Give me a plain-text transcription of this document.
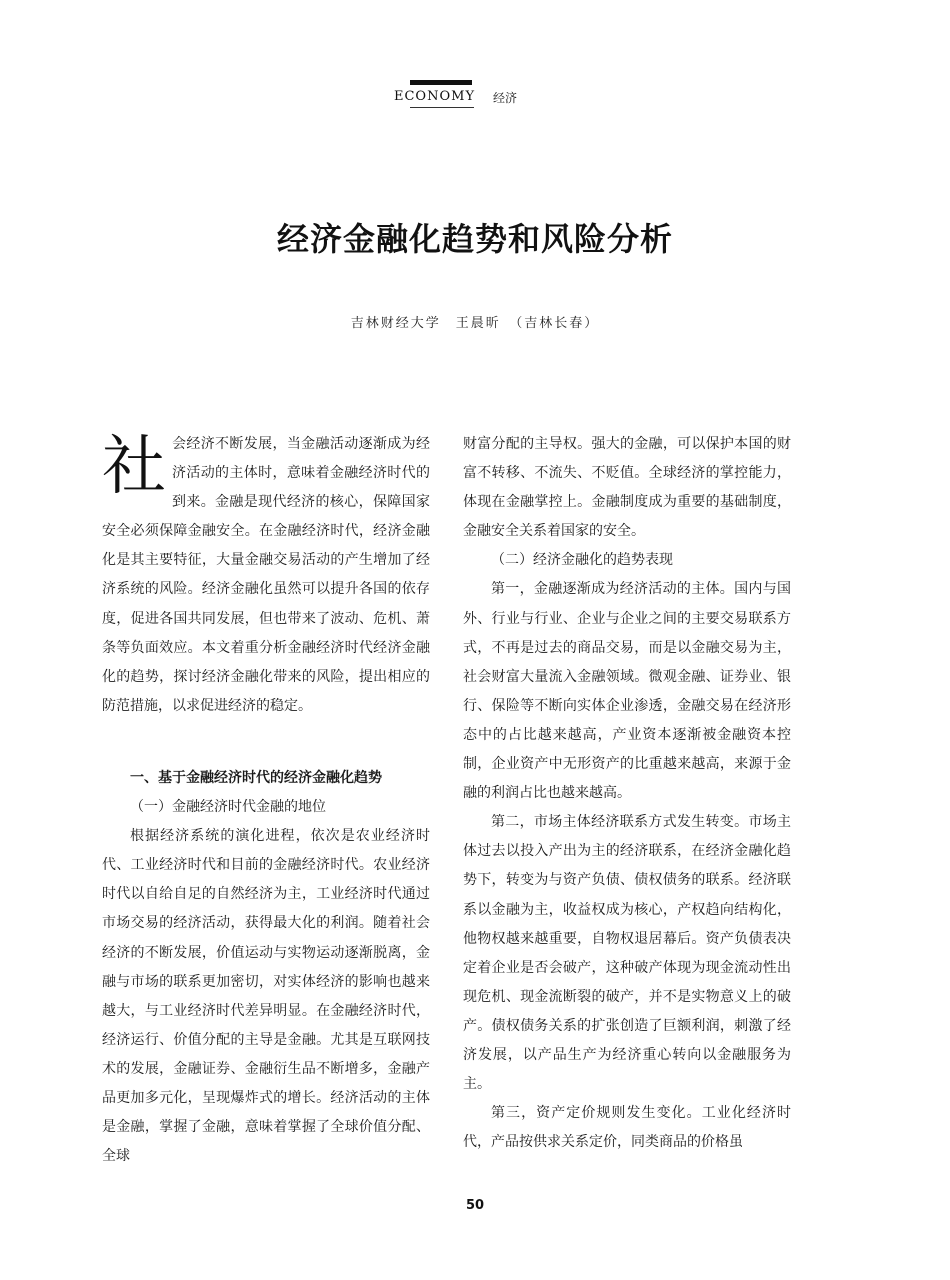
ECONOMY 经济
经济金融化趋势和风险分析
吉林财经大学　王晨昕　（吉林长春）

社会经济不断发展，当金融活动逐渐成为经济活动的主体时，意味着金融经济时代的到来。金融是现代经济的核心，保障国家安全必须保障金融安全。在金融经济时代，经济金融化是其主要特征，大量金融交易活动的产生增加了经济系统的风险。经济金融化虽然可以提升各国的依存度，促进各国共同发展，但也带来了波动、危机、萧条等负面效应。本文着重分析金融经济时代经济金融化的趋势，探讨经济金融化带来的风险，提出相应的防范措施，以求促进经济的稳定。

一、基于金融经济时代的经济金融化趋势

（一）金融经济时代金融的地位

根据经济系统的演化进程，依次是农业经济时代、工业经济时代和目前的金融经济时代。农业经济时代以自给自足的自然经济为主，工业经济时代通过市场交易的经济活动，获得最大化的利润。随着社会经济的不断发展，价值运动与实物运动逐渐脱离，金融与市场的联系更加密切，对实体经济的影响也越来越大，与工业经济时代差异明显。在金融经济时代，经济运行、价值分配的主导是金融。尤其是互联网技术的发展，金融证券、金融衍生品不断增多，金融产品更加多元化，呈现爆炸式的增长。经济活动的主体是金融，掌握了金融，意味着掌握了全球价值分配、全球

财富分配的主导权。强大的金融，可以保护本国的财富不转移、不流失、不贬值。全球经济的掌控能力，体现在金融掌控上。金融制度成为重要的基础制度，金融安全关系着国家的安全。

（二）经济金融化的趋势表现

第一，金融逐渐成为经济活动的主体。国内与国外、行业与行业、企业与企业之间的主要交易联系方式，不再是过去的商品交易，而是以金融交易为主，社会财富大量流入金融领域。微观金融、证券业、银行、保险等不断向实体企业渗透，金融交易在经济形态中的占比越来越高，产业资本逐渐被金融资本控制，企业资产中无形资产的比重越来越高，来源于金融的利润占比也越来越高。

第二，市场主体经济联系方式发生转变。市场主体过去以投入产出为主的经济联系，在经济金融化趋势下，转变为与资产负债、债权债务的联系。经济联系以金融为主，收益权成为核心，产权趋向结构化，他物权越来越重要，自物权退居幕后。资产负债表决定着企业是否会破产，这种破产体现为现金流动性出现危机、现金流断裂的破产，并不是实物意义上的破产。债权债务关系的扩张创造了巨额利润，刺激了经济发展，以产品生产为经济重心转向以金融服务为主。

第三，资产定价规则发生变化。工业化经济时代，产品按供求关系定价，同类商品的价格虽

50
